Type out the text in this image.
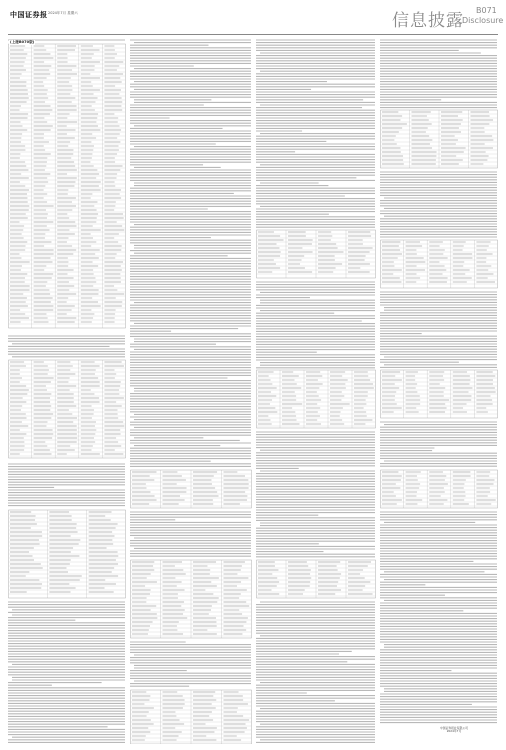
中国证券报 2024年7月 星期六	信息披露
B071
Disclosure
(上接B070版)
中国证券报社有限公司
2024年7月
